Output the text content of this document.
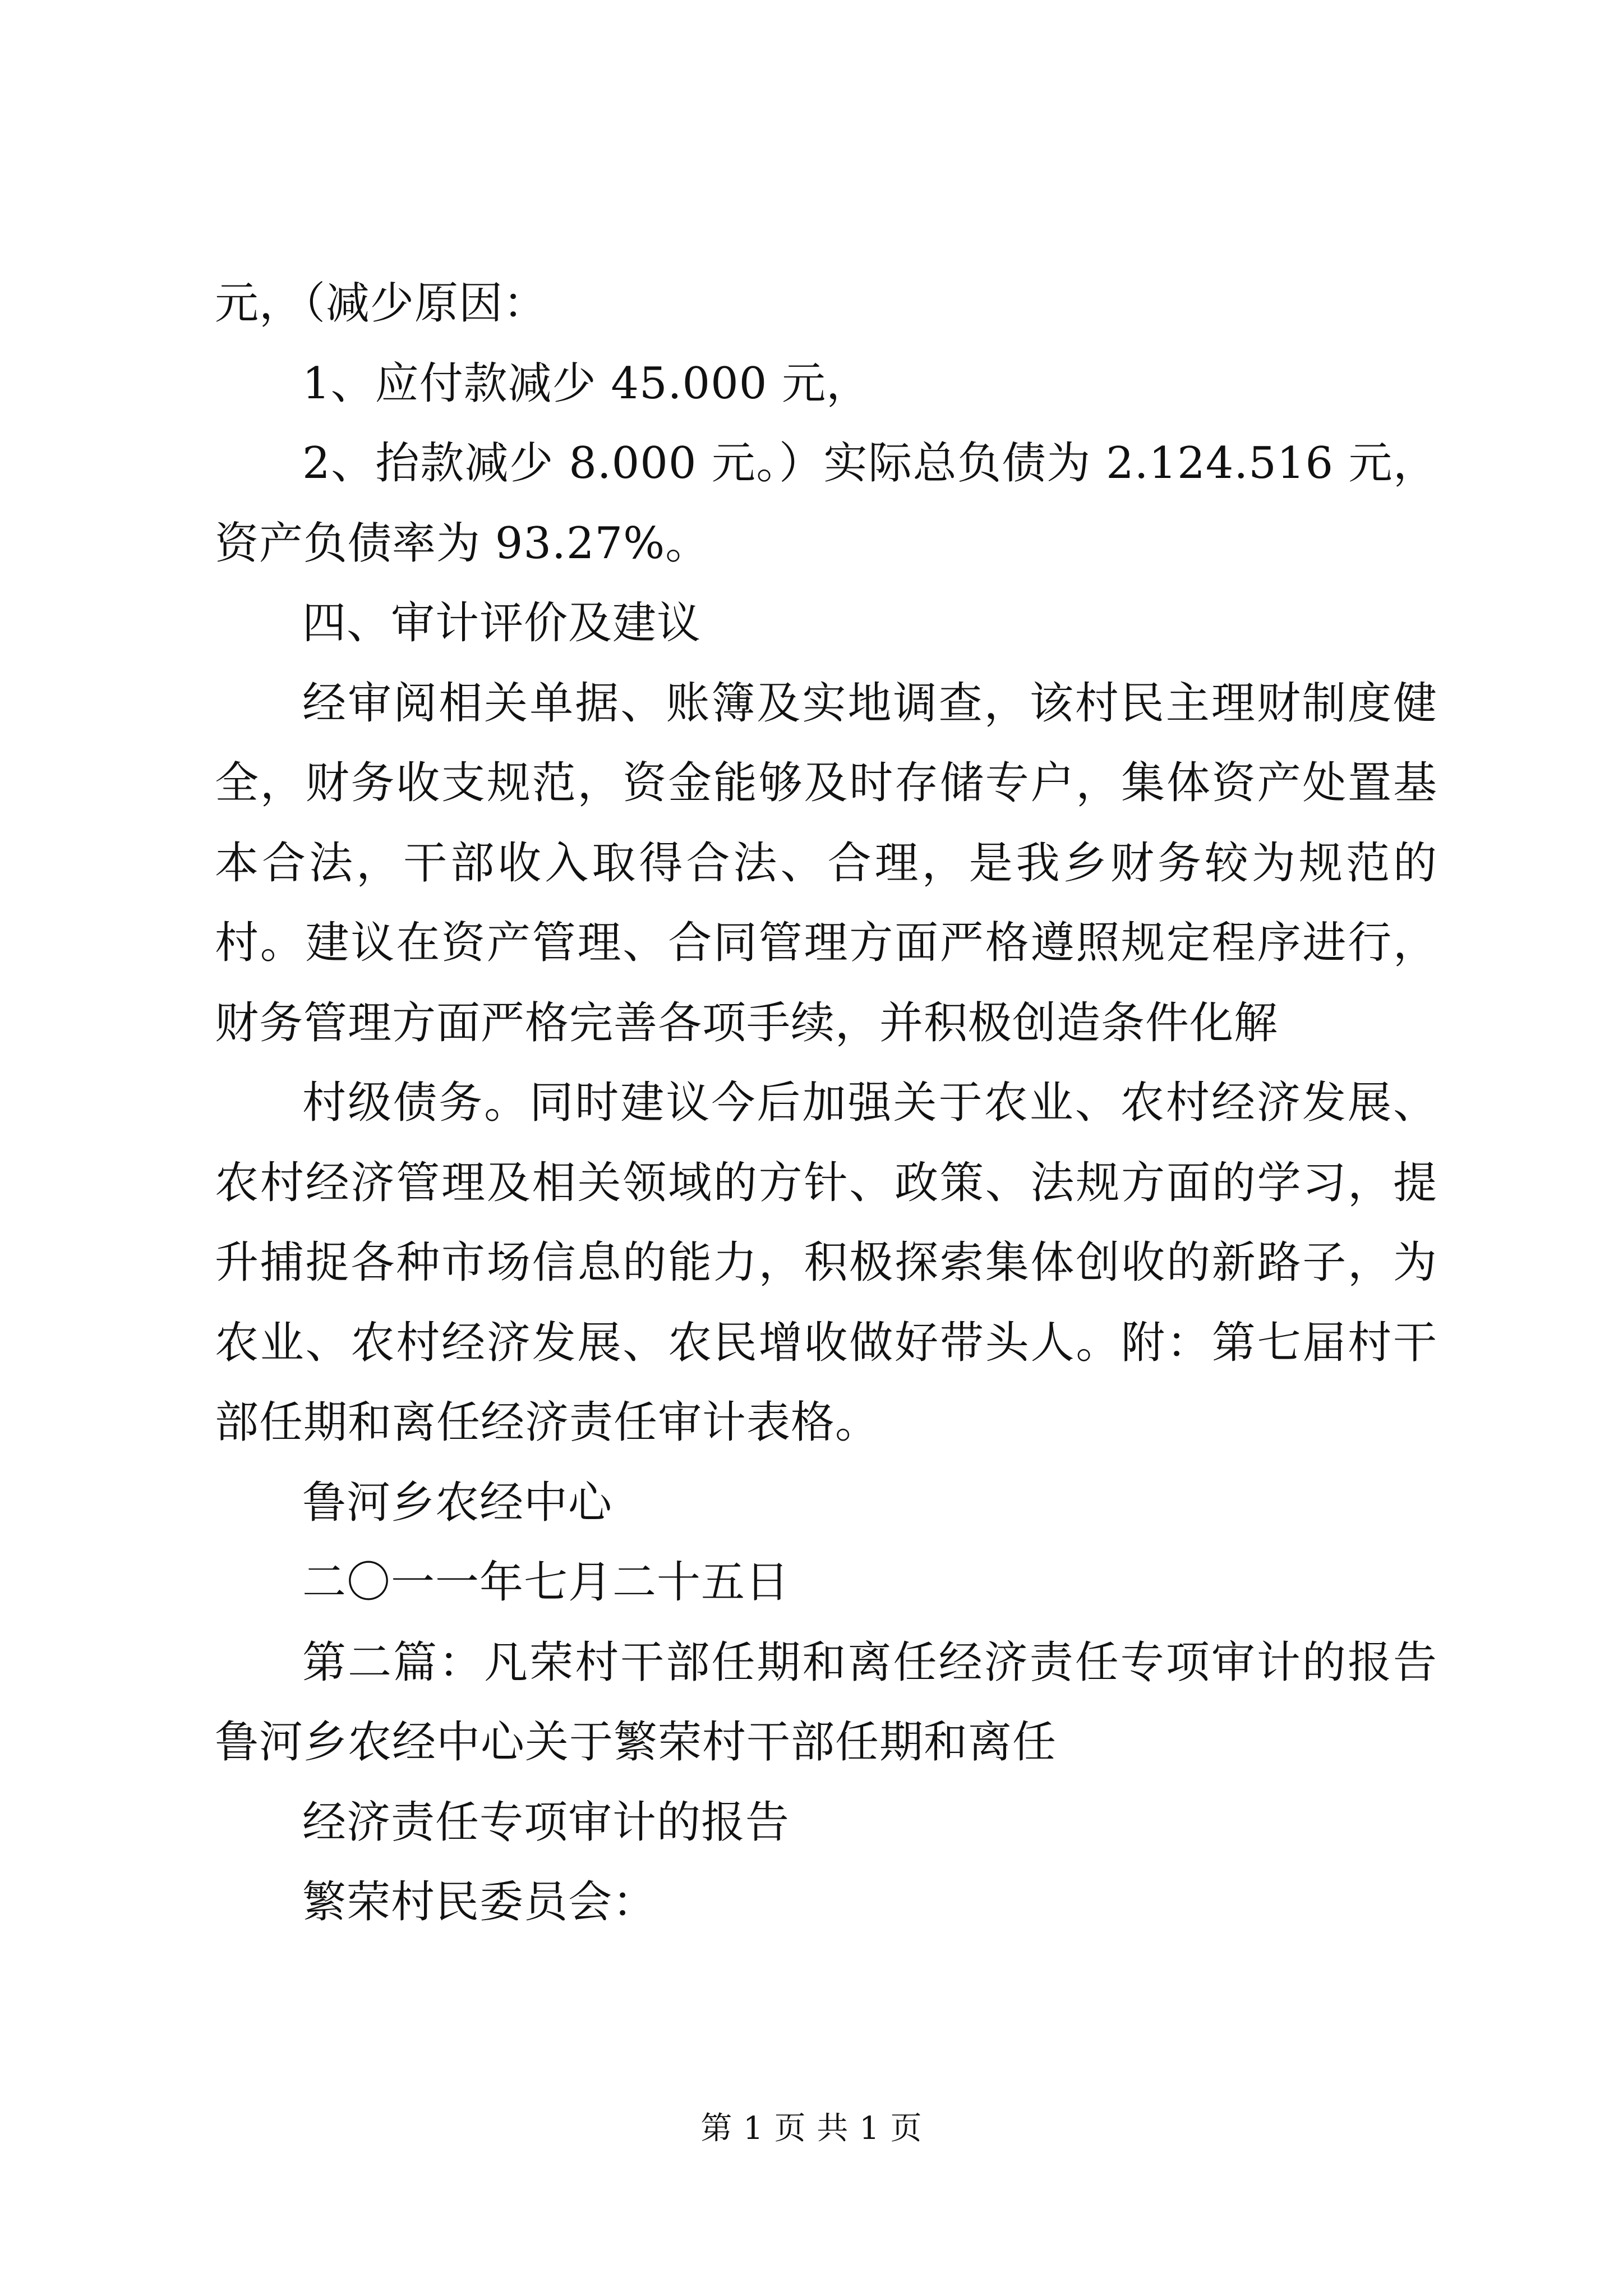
元，（减少原因：

1、应付款减少 45.000 元，

2、抬款减少 8.000 元。）实际总负债为 2.124.516 元，资产负债率为 93.27%。

四、审计评价及建议

经审阅相关单据、账簿及实地调查，该村民主理财制度健全，财务收支规范，资金能够及时存储专户，集体资产处置基本合法，干部收入取得合法、合理，是我乡财务较为规范的村。建议在资产管理、合同管理方面严格遵照规定程序进行，财务管理方面严格完善各项手续，并积极创造条件化解

村级债务。同时建议今后加强关于农业、农村经济发展、农村经济管理及相关领域的方针、政策、法规方面的学习，提升捕捉各种市场信息的能力，积极探索集体创收的新路子，为农业、农村经济发展、农民增收做好带头人。附：第七届村干部任期和离任经济责任审计表格。

鲁河乡农经中心

二〇一一年七月二十五日

第二篇：凡荣村干部任期和离任经济责任专项审计的报告鲁河乡农经中心关于繁荣村干部任期和离任

经济责任专项审计的报告

繁荣村民委员会：

第 1 页 共 1 页
